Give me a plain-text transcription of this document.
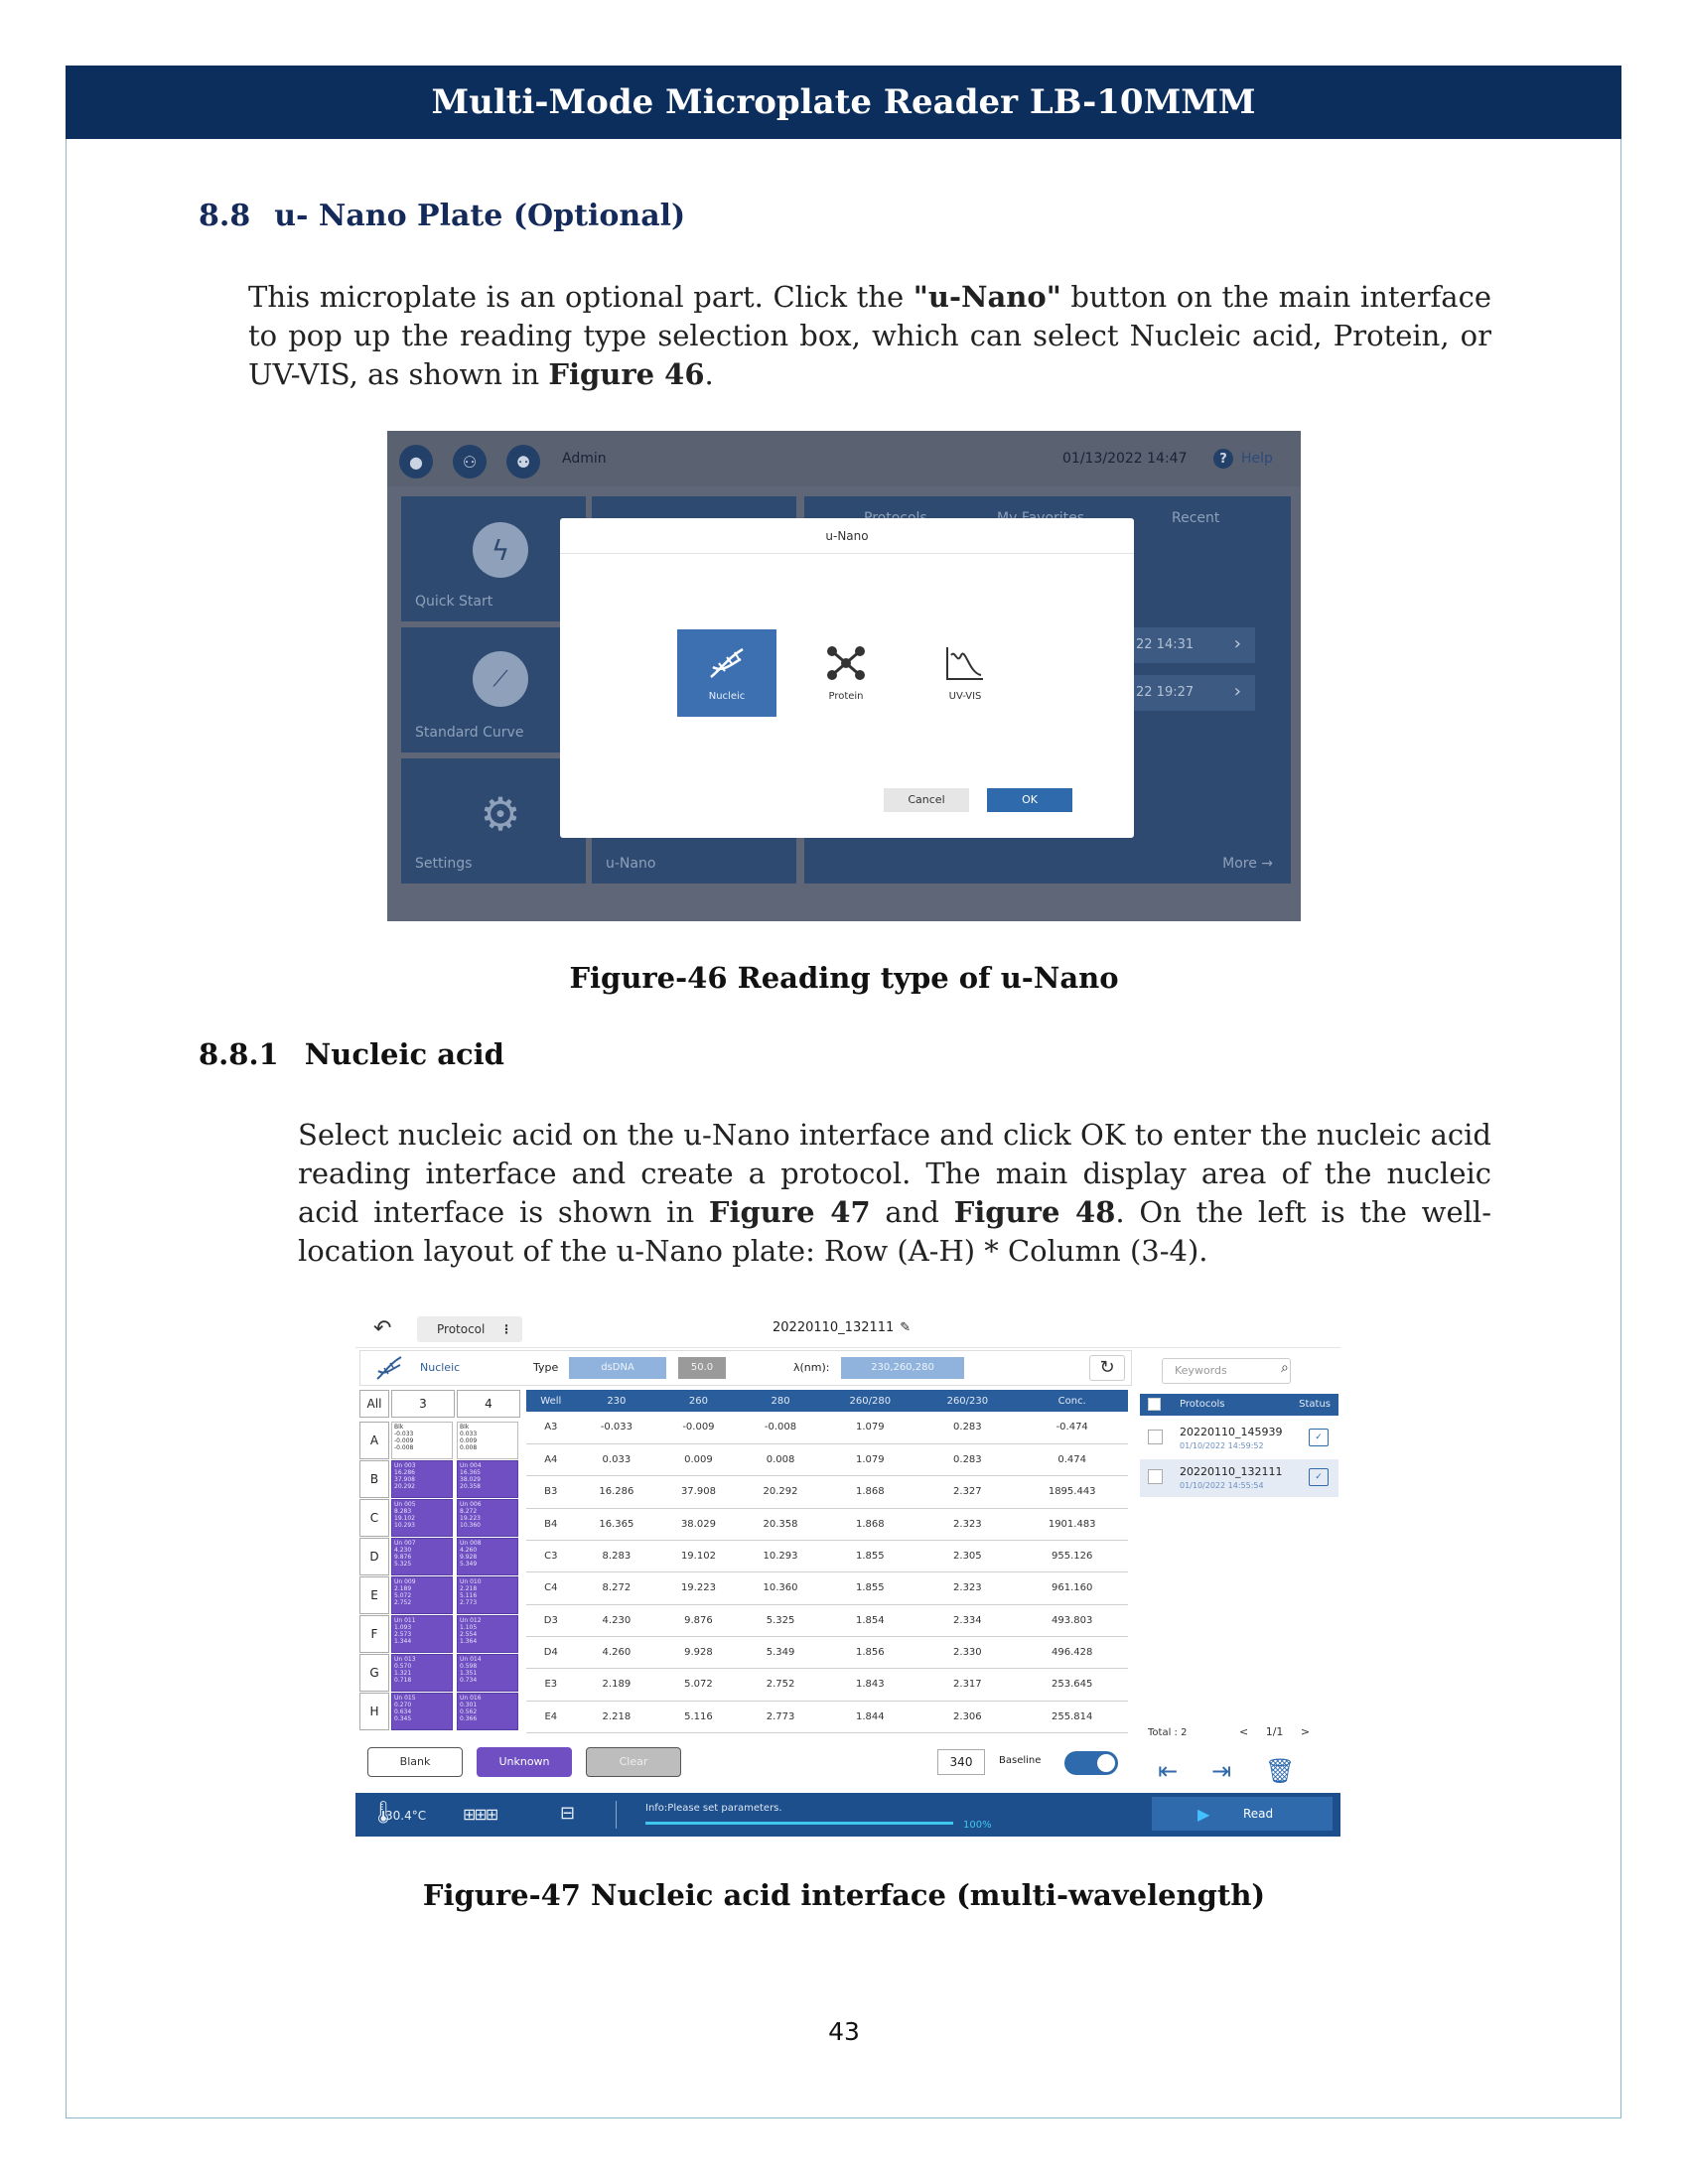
Multi-Mode Microplate Reader LB-10MMM
8.8 u- Nano Plate (Optional)

This microplate is an optional part. Click the "u-Nano" button on the main interface to pop up the reading type selection box, which can select Nucleic acid, Protein, or UV-VIS, as shown in Figure 46.

●	⚇	⚉	Admin	01/13/2022 14:47	?	Help
ϟ
Quick Start
⟋
Standard Curve
⚙
Settings	u-Nano
Recent
22 14:31 ›
22 19:27 ›
More →
u-Nano
Nucleic	Protein	UV-VIS
Cancel	OK
Figure-46 Reading type of u-Nano
8.8.1 Nucleic acid

Select nucleic acid on the u-Nano interface and click OK to enter the nucleic acid reading interface and create a protocol. The main display area of the nucleic acid interface is shown in Figure 47 and Figure 48. On the left is the well-location layout of the u-Nano plate: Row (A-H) * Column (3-4).

↶	Protocol ⋮	20220110_132111 ✎
Nucleic	Type	dsDNA	50.0	λ(nm):	230,260,280	↻
All	3	4
A
Blk
-0.033
-0.009
-0.008
Blk
0.033
0.009
0.008
B
Un 003
16.286
37.908
20.292
Un 004
16.365
38.029
20.358
C
Un 005
8.283
19.102
10.293
Un 006
8.272
19.223
10.360
D
Un 007
4.230
9.876
5.325
Un 008
4.260
9.928
5.349
E
Un 009
2.189
5.072
2.752
Un 010
2.218
5.116
2.773
F
Un 011
1.093
2.573
1.344
Un 012
1.105
2.554
1.364
G
Un 013
0.570
1.321
0.718
Un 014
0.598
1.351
0.734
H
Un 015
0.270
0.634
0.345
Un 016
0.301
0.562
0.366
Well	230	260	280	260/280	260/230	Conc.
A3	-0.033	-0.009	-0.008	1.079	0.283	-0.474
A4	0.033	0.009	0.008	1.079	0.283	0.474
B3	16.286	37.908	20.292	1.868	2.327	1895.443
B4	16.365	38.029	20.358	1.868	2.323	1901.483
C3	8.283	19.102	10.293	1.855	2.305	955.126
C4	8.272	19.223	10.360	1.855	2.323	961.160
D3	4.230	9.876	5.325	1.854	2.334	493.803
D4	4.260	9.928	5.349	1.856	2.330	496.428
E3	2.189	5.072	2.752	1.843	2.317	253.645
E4	2.218	5.116	2.773	1.844	2.306	255.814
Blank	Unknown	Clear	340	Baseline
Keywords	⌕
Protocols	Status
20220110_145939
01/10/2022 14:59:52
✓
20220110_132111
01/10/2022 14:55:54
✓
Total : 2	< 1/1 >
⇤ ⇥ 🗑
🌡
30.4°C ⊞⊞⊞	⊟	Info:Please set parameters.
100%
▶	Read
Figure-47 Nucleic acid interface (multi-wavelength)
43
